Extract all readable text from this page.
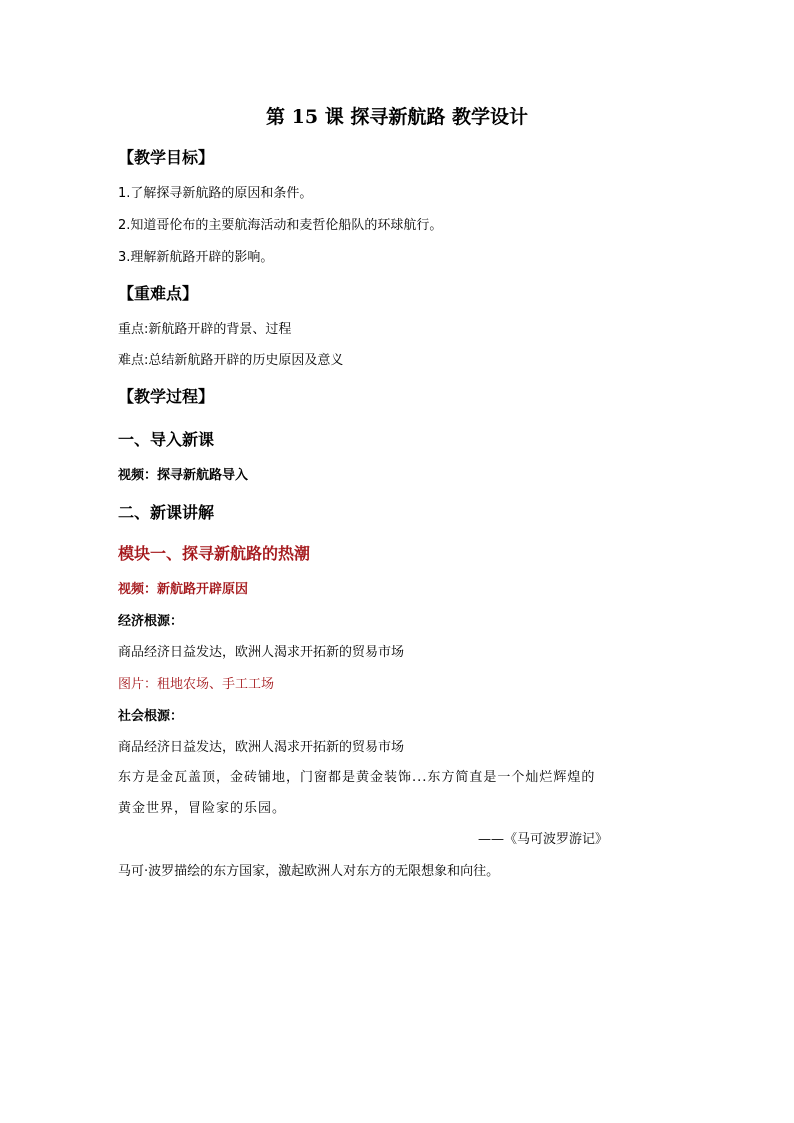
第 15 课 探寻新航路 教学设计
【教学目标】
1.了解探寻新航路的原因和条件。
2.知道哥伦布的主要航海活动和麦哲伦船队的环球航行。
3.理解新航路开辟的影响。
【重难点】
重点:新航路开辟的背景、过程
难点:总结新航路开辟的历史原因及意义
【教学过程】
一、导入新课
视频：探寻新航路导入
二、新课讲解
模块一、探寻新航路的热潮
视频：新航路开辟原因
经济根源：
商品经济日益发达，欧洲人渴求开拓新的贸易市场
图片：租地农场、手工工场
社会根源：
商品经济日益发达，欧洲人渴求开拓新的贸易市场
东方是金瓦盖顶，金砖铺地，门窗都是黄金装饰...东方简直是一个灿烂辉煌的
黄金世界，冒险家的乐园。
——《马可波罗游记》
马可·波罗描绘的东方国家，激起欧洲人对东方的无限想象和向往。
